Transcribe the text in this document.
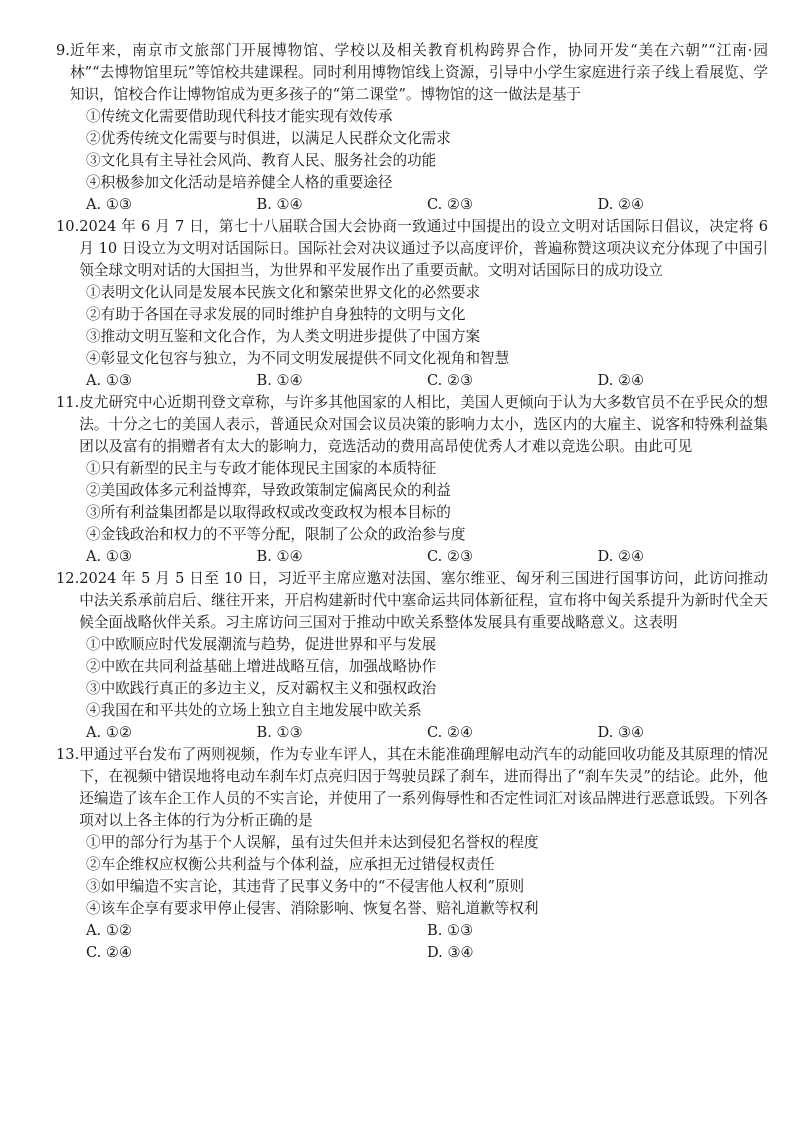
9. 近年来，南京市文旅部门开展博物馆、学校以及相关教育机构跨界合作，协同开发“美在六朝”“江南·园林”“去博物馆里玩”等馆校共建课程。同时利用博物馆线上资源，引导中小学生家庭进行亲子线上看展览、学知识，馆校合作让博物馆成为更多孩子的“第二课堂”。博物馆的这一做法是基于
①传统文化需要借助现代科技才能实现有效传承
②优秀传统文化需要与时俱进，以满足人民群众文化需求
③文化具有主导社会风尚、教育人民、服务社会的功能
④积极参加文化活动是培养健全人格的重要途径
A. ①③	B. ①④	C. ②③	D. ②④
10. 2024 年 6 月 7 日，第七十八届联合国大会协商一致通过中国提出的设立文明对话国际日倡议，决定将 6 月 10 日设立为文明对话国际日。国际社会对决议通过予以高度评价，普遍称赞这项决议充分体现了中国引领全球文明对话的大国担当，为世界和平发展作出了重要贡献。文明对话国际日的成功设立
①表明文化认同是发展本民族文化和繁荣世界文化的必然要求
②有助于各国在寻求发展的同时维护自身独特的文明与文化
③推动文明互鉴和文化合作，为人类文明进步提供了中国方案
④彰显文化包容与独立，为不同文明发展提供不同文化视角和智慧
A. ①③	B. ①④	C. ②③	D. ②④
11. 皮尤研究中心近期刊登文章称，与许多其他国家的人相比，美国人更倾向于认为大多数官员不在乎民众的想法。十分之七的美国人表示，普通民众对国会议员决策的影响力太小，选区内的大雇主、说客和特殊利益集团以及富有的捐赠者有太大的影响力，竞选活动的费用高昂使优秀人才难以竞选公职。由此可见
①只有新型的民主与专政才能体现民主国家的本质特征
②美国政体多元利益博弈，导致政策制定偏离民众的利益
③所有利益集团都是以取得政权或改变政权为根本目标的
④金钱政治和权力的不平等分配，限制了公众的政治参与度
A. ①③	B. ①④	C. ②③	D. ②④
12. 2024 年 5 月 5 日至 10 日，习近平主席应邀对法国、塞尔维亚、匈牙利三国进行国事访问，此访问推动中法关系承前启后、继往开来，开启构建新时代中塞命运共同体新征程，宣布将中匈关系提升为新时代全天候全面战略伙伴关系。习主席访问三国对于推动中欧关系整体发展具有重要战略意义。这表明
①中欧顺应时代发展潮流与趋势，促进世界和平与发展
②中欧在共同利益基础上增进战略互信，加强战略协作
③中欧践行真正的多边主义，反对霸权主义和强权政治
④我国在和平共处的立场上独立自主地发展中欧关系
A. ①②	B. ①③	C. ②④	D. ③④
13. 甲通过平台发布了两则视频，作为专业车评人，其在未能准确理解电动汽车的动能回收功能及其原理的情况下，在视频中错误地将电动车刹车灯点亮归因于驾驶员踩了刹车，进而得出了“刹车失灵”的结论。此外，他还编造了该车企工作人员的不实言论，并使用了一系列侮辱性和否定性词汇对该品牌进行恶意诋毁。下列各项对以上各主体的行为分析正确的是
①甲的部分行为基于个人误解，虽有过失但并未达到侵犯名誉权的程度
②车企维权应权衡公共利益与个体利益，应承担无过错侵权责任
③如甲编造不实言论，其违背了民事义务中的“不侵害他人权利”原则
④该车企享有要求甲停止侵害、消除影响、恢复名誉、赔礼道歉等权利
A. ①②	B. ①③
C. ②④	D. ③④
